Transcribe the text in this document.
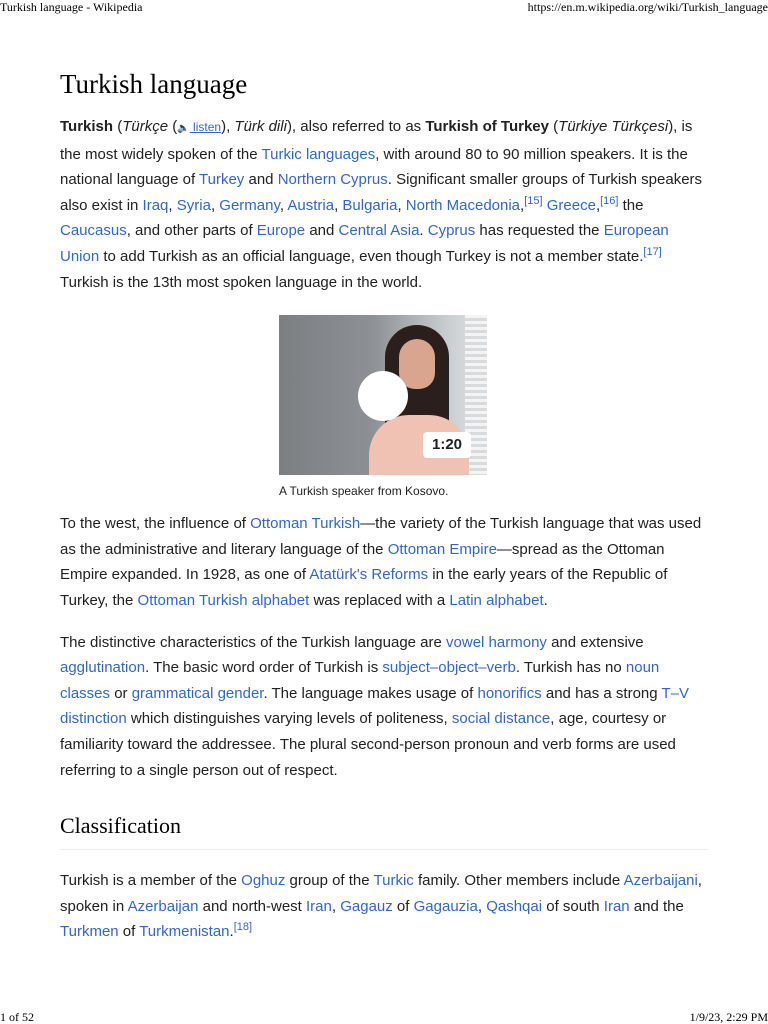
Turkish language - Wikipedia	https://en.m.wikipedia.org/wiki/Turkish_language
Turkish language

Turkish (Türkçe (🔈 listen), Türk dili), also referred to as Turkish of Turkey (Türkiye Türkçesi), is the most widely spoken of the Turkic languages, with around 80 to 90 million speakers. It is the national language of Turkey and Northern Cyprus. Significant smaller groups of Turkish speakers also exist in Iraq, Syria, Germany, Austria, Bulgaria, North Macedonia,[15] Greece,[16] the Caucasus, and other parts of Europe and Central Asia. Cyprus has requested the European Union to add Turkish as an official language, even though Turkey is not a member state.[17] Turkish is the 13th most spoken language in the world.

1:20
A Turkish speaker from Kosovo.

To the west, the influence of Ottoman Turkish—the variety of the Turkish language that was used as the administrative and literary language of the Ottoman Empire—spread as the Ottoman Empire expanded. In 1928, as one of Atatürk's Reforms in the early years of the Republic of Turkey, the Ottoman Turkish alphabet was replaced with a Latin alphabet.

The distinctive characteristics of the Turkish language are vowel harmony and extensive agglutination. The basic word order of Turkish is subject–object–verb. Turkish has no noun classes or grammatical gender. The language makes usage of honorifics and has a strong T–V distinction which distinguishes varying levels of politeness, social distance, age, courtesy or familiarity toward the addressee. The plural second-person pronoun and verb forms are used referring to a single person out of respect.

Classification

Turkish is a member of the Oghuz group of the Turkic family. Other members include Azerbaijani, spoken in Azerbaijan and north-west Iran, Gagauz of Gagauzia, Qashqai of south Iran and the Turkmen of Turkmenistan.[18]

1 of 52	1/9/23, 2:29 PM
